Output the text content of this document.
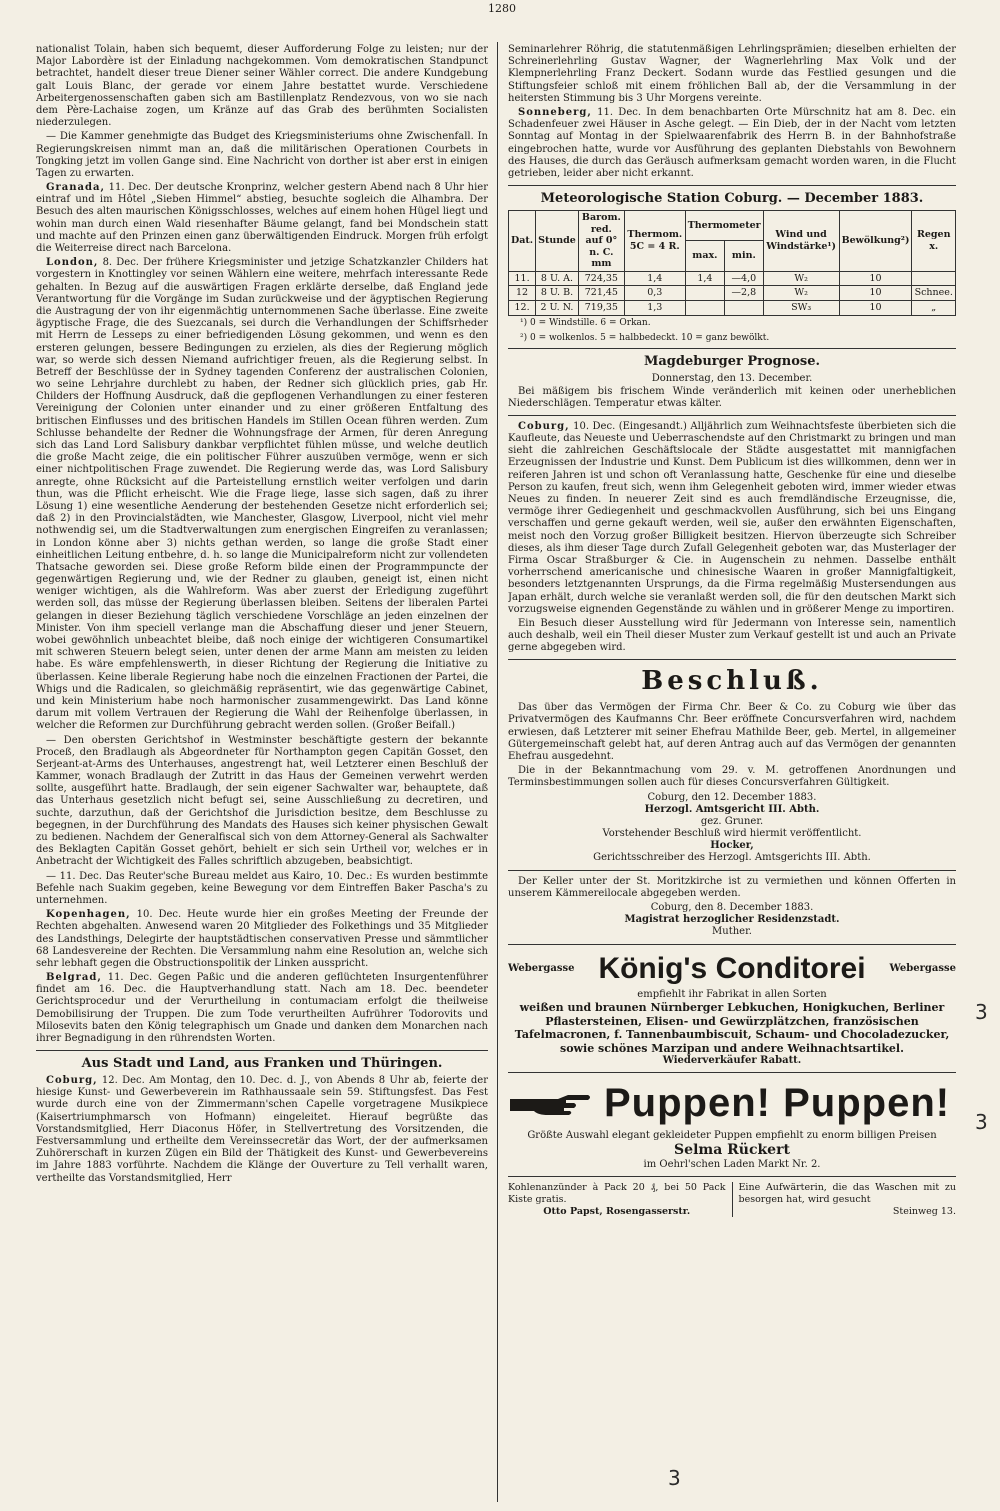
1280

nationalist Tolain, haben sich bequemt, dieser Aufforderung Folge zu leisten; nur der Major Labordère ist der Einladung nachgekommen. Vom demokratischen Standpunct betrachtet, handelt dieser treue Diener seiner Wähler correct. Die andere Kundgebung galt Louis Blanc, der gerade vor einem Jahre bestattet wurde. Verschiedene Arbeitergenossenschaften gaben sich am Bastillenplatz Rendezvous, von wo sie nach dem Père-Lachaise zogen, um Kränze auf das Grab des berühmten Socialisten niederzulegen.

— Die Kammer genehmigte das Budget des Kriegsministeriums ohne Zwischenfall. In Regierungskreisen nimmt man an, daß die militärischen Operationen Courbets in Tongking jetzt im vollen Gange sind. Eine Nachricht von dorther ist aber erst in einigen Tagen zu erwarten.

Granada, 11. Dec. Der deutsche Kronprinz, welcher gestern Abend nach 8 Uhr hier eintraf und im Hôtel „Sieben Himmel“ abstieg, besuchte sogleich die Alhambra. Der Besuch des alten maurischen Königsschlosses, welches auf einem hohen Hügel liegt und wohin man durch einen Wald riesenhafter Bäume gelangt, fand bei Mondschein statt und machte auf den Prinzen einen ganz überwältigenden Eindruck. Morgen früh erfolgt die Weiterreise direct nach Barcelona.

London, 8. Dec. Der frühere Kriegsminister und jetzige Schatzkanzler Childers hat vorgestern in Knottingley vor seinen Wählern eine weitere, mehrfach interessante Rede gehalten. In Bezug auf die auswärtigen Fragen erklärte derselbe, daß England jede Verantwortung für die Vorgänge im Sudan zurückweise und der ägyptischen Regierung die Austragung der von ihr eigenmächtig unternommenen Sache überlasse. Eine zweite ägyptische Frage, die des Suezcanals, sei durch die Verhandlungen der Schiffsrheder mit Herrn de Lesseps zu einer befriedigenden Lösung gekommen, und wenn es den ersteren gelungen, bessere Bedingungen zu erzielen, als dies der Regierung möglich war, so werde sich dessen Niemand aufrichtiger freuen, als die Regierung selbst. In Betreff der Beschlüsse der in Sydney tagenden Conferenz der australischen Colonien, wo seine Lehrjahre durchlebt zu haben, der Redner sich glücklich pries, gab Hr. Childers der Hoffnung Ausdruck, daß die gepflogenen Verhandlungen zu einer festeren Vereinigung der Colonien unter einander und zu einer größeren Entfaltung des britischen Einflusses und des britischen Handels im Stillen Ocean führen werden. Zum Schlusse behandelte der Redner die Wohnungsfrage der Armen, für deren Anregung sich das Land Lord Salisbury dankbar verpflichtet fühlen müsse, und welche deutlich die große Macht zeige, die ein politischer Führer auszuüben vermöge, wenn er sich einer nichtpolitischen Frage zuwendet. Die Regierung werde das, was Lord Salisbury anregte, ohne Rücksicht auf die Parteistellung ernstlich weiter verfolgen und darin thun, was die Pflicht erheischt. Wie die Frage liege, lasse sich sagen, daß zu ihrer Lösung 1) eine wesentliche Aenderung der bestehenden Gesetze nicht erforderlich sei; daß 2) in den Provincialstädten, wie Manchester, Glasgow, Liverpool, nicht viel mehr nothwendig sei, um die Stadtverwaltungen zum energischen Eingreifen zu veranlassen; in London könne aber 3) nichts gethan werden, so lange die große Stadt einer einheitlichen Leitung entbehre, d. h. so lange die Municipalreform nicht zur vollendeten Thatsache geworden sei. Diese große Reform bilde einen der Programmpuncte der gegenwärtigen Regierung und, wie der Redner zu glauben, geneigt ist, einen nicht weniger wichtigen, als die Wahlreform. Was aber zuerst der Erledigung zugeführt werden soll, das müsse der Regierung überlassen bleiben. Seitens der liberalen Partei gelangen in dieser Beziehung täglich verschiedene Vorschläge an jeden einzelnen der Minister. Von ihm speciell verlange man die Abschaffung dieser und jener Steuern, wobei gewöhnlich unbeachtet bleibe, daß noch einige der wichtigeren Consumartikel mit schweren Steuern belegt seien, unter denen der arme Mann am meisten zu leiden habe. Es wäre empfehlenswerth, in dieser Richtung der Regierung die Initiative zu überlassen. Keine liberale Regierung habe noch die einzelnen Fractionen der Partei, die Whigs und die Radicalen, so gleichmäßig repräsentirt, wie das gegenwärtige Cabinet, und kein Ministerium habe noch harmonischer zusammengewirkt. Das Land könne darum mit vollem Vertrauen der Regierung die Wahl der Reihenfolge überlassen, in welcher die Reformen zur Durchführung gebracht werden sollen. (Großer Beifall.)

— Den obersten Gerichtshof in Westminster beschäftigte gestern der bekannte Proceß, den Bradlaugh als Abgeordneter für Northampton gegen Capitän Gosset, den Serjeant-at-Arms des Unterhauses, angestrengt hat, weil Letzterer einen Beschluß der Kammer, wonach Bradlaugh der Zutritt in das Haus der Gemeinen verwehrt werden sollte, ausgeführt hatte. Bradlaugh, der sein eigener Sachwalter war, behauptete, daß das Unterhaus gesetzlich nicht befugt sei, seine Ausschließung zu decretiren, und suchte, darzuthun, daß der Gerichtshof die Jurisdiction besitze, dem Beschlusse zu begegnen, in der Durchführung des Mandats des Hauses sich keiner physischen Gewalt zu bedienen. Nachdem der Generalfiscal sich von dem Attorney-General als Sachwalter des Beklagten Capitän Gosset gehört, behielt er sich sein Urtheil vor, welches er in Anbetracht der Wichtigkeit des Falles schriftlich abzugeben, beabsichtigt.

— 11. Dec. Das Reuter'sche Bureau meldet aus Kairo, 10. Dec.: Es wurden bestimmte Befehle nach Suakim gegeben, keine Bewegung vor dem Eintreffen Baker Pascha's zu unternehmen.

Kopenhagen, 10. Dec. Heute wurde hier ein großes Meeting der Freunde der Rechten abgehalten. Anwesend waren 20 Mitglieder des Folkethings und 35 Mitglieder des Landsthings, Delegirte der hauptstädtischen conservativen Presse und sämmtlicher 68 Landesvereine der Rechten. Die Versammlung nahm eine Resolution an, welche sich sehr lebhaft gegen die Obstructionspolitik der Linken ausspricht.

Belgrad, 11. Dec. Gegen Paßic und die anderen geflüchteten Insurgentenführer findet am 16. Dec. die Hauptverhandlung statt. Nach am 18. Dec. beendeter Gerichtsprocedur und der Verurtheilung in contumaciam erfolgt die theilweise Demobilisirung der Truppen. Die zum Tode verurtheilten Aufrührer Todorovits und Milosevits baten den König telegraphisch um Gnade und danken dem Monarchen nach ihrer Begnadigung in den rührendsten Worten.

Aus Stadt und Land, aus Franken und Thüringen.

Coburg, 12. Dec. Am Montag, den 10. Dec. d. J., von Abends 8 Uhr ab, feierte der hiesige Kunst- und Gewerbeverein im Rathhaussaale sein 59. Stiftungsfest. Das Fest wurde durch eine von der Zimmermann'schen Capelle vorgetragene Musikpiece (Kaisertriumphmarsch von Hofmann) eingeleitet. Hierauf begrüßte das Vorstandsmitglied, Herr Diaconus Höfer, in Stellvertretung des Vorsitzenden, die Festversammlung und ertheilte dem Vereinssecretär das Wort, der der aufmerksamen Zuhörerschaft in kurzen Zügen ein Bild der Thätigkeit des Kunst- und Gewerbevereins im Jahre 1883 vorführte. Nachdem die Klänge der Ouverture zu Tell verhallt waren, vertheilte das Vorstandsmitglied, Herr

Seminarlehrer Röhrig, die statutenmäßigen Lehrlingsprämien; dieselben erhielten der Schreinerlehrling Gustav Wagner, der Wagnerlehrling Max Volk und der Klempnerlehrling Franz Deckert. Sodann wurde das Festlied gesungen und die Stiftungsfeier schloß mit einem fröhlichen Ball ab, der die Versammlung in der heitersten Stimmung bis 3 Uhr Morgens vereinte.

Sonneberg, 11. Dec. In dem benachbarten Orte Mürschnitz hat am 8. Dec. ein Schadenfeuer zwei Häuser in Asche gelegt. — Ein Dieb, der in der Nacht vom letzten Sonntag auf Montag in der Spielwaarenfabrik des Herrn B. in der Bahnhofstraße eingebrochen hatte, wurde vor Ausführung des geplanten Diebstahls von Bewohnern des Hauses, die durch das Geräusch aufmerksam gemacht worden waren, in die Flucht getrieben, leider aber nicht erkannt.

Meteorologische Station Coburg. — December 1883.
Dat.	Stunde	Barom. red. auf 0° n. C. mm	Thermom. 5C = 4 R.	Thermometer		Wind und Windstärke¹)	Bewölkung²)	Regen x.
				max.	min.			
11.	8 U. A.	724,35	1,4	1,4	—4,0	W₂	10	
12	8 U. B.	721,45	0,3		—2,8	W₂	10	Schnee.
12.	2 U. N.	719,35	1,3			SW₃	10	„
¹) 0 = Windstille. 6 = Orkan.
²) 0 = wolkenlos. 5 = halbbedeckt. 10 = ganz bewölkt.
Magdeburger Prognose.
Donnerstag, den 13. December.

Bei mäßigem bis frischem Winde veränderlich mit keinen oder unerheblichen Niederschlägen. Temperatur etwas kälter.

Coburg, 10. Dec. (Eingesandt.) Alljährlich zum Weihnachtsfeste überbieten sich die Kaufleute, das Neueste und Ueberraschendste auf den Christmarkt zu bringen und man sieht die zahlreichen Geschäftslocale der Städte ausgestattet mit mannigfachen Erzeugnissen der Industrie und Kunst. Dem Publicum ist dies willkommen, denn wer in reiferen Jahren ist und schon oft Veranlassung hatte, Geschenke für eine und dieselbe Person zu kaufen, freut sich, wenn ihm Gelegenheit geboten wird, immer wieder etwas Neues zu finden. In neuerer Zeit sind es auch fremdländische Erzeugnisse, die, vermöge ihrer Gediegenheit und geschmackvollen Ausführung, sich bei uns Eingang verschaffen und gerne gekauft werden, weil sie, außer den erwähnten Eigenschaften, meist noch den Vorzug großer Billigkeit besitzen. Hiervon überzeugte sich Schreiber dieses, als ihm dieser Tage durch Zufall Gelegenheit geboten war, das Musterlager der Firma Oscar Straßburger & Cie. in Augenschein zu nehmen. Dasselbe enthält vorherrschend americanische und chinesische Waaren in großer Mannigfaltigkeit, besonders letztgenannten Ursprungs, da die Firma regelmäßig Mustersendungen aus Japan erhält, durch welche sie veranlaßt werden soll, die für den deutschen Markt sich vorzugsweise eignenden Gegenstände zu wählen und in größerer Menge zu importiren.

Ein Besuch dieser Ausstellung wird für Jedermann von Interesse sein, namentlich auch deshalb, weil ein Theil dieser Muster zum Verkauf gestellt ist und auch an Private gerne abgegeben wird.

Beschluß.

Das über das Vermögen der Firma Chr. Beer & Co. zu Coburg wie über das Privatvermögen des Kaufmanns Chr. Beer eröffnete Concursverfahren wird, nachdem erwiesen, daß Letzterer mit seiner Ehefrau Mathilde Beer, geb. Mertel, in allgemeiner Gütergemeinschaft gelebt hat, auf deren Antrag auch auf das Vermögen der genannten Ehefrau ausgedehnt.

Die in der Bekanntmachung vom 29. v. M. getroffenen Anordnungen und Terminsbestimmungen sollen auch für dieses Concursverfahren Gültigkeit.

Coburg, den 12. December 1883.
Herzogl. Amtsgericht III. Abth.
gez. Gruner.
Vorstehender Beschluß wird hiermit veröffentlicht.
Hocker,
Gerichtsschreiber des Herzogl. Amtsgerichts III. Abth.

Der Keller unter der St. Moritzkirche ist zu vermiethen und können Offerten in unserem Kämmereilocale abgegeben werden.

Coburg, den 8. December 1883.
Magistrat herzoglicher Residenzstadt.
Muther.
Webergasse König's Conditorei Webergasse
empfiehlt ihr Fabrikat in allen Sorten
weißen und braunen Nürnberger Lebkuchen, Honigkuchen, Berliner Pflastersteinen, Elisen- und Gewürzplätzchen, französischen Tafelmacronen, f. Tannenbaumbiscuit, Schaum- und Chocoladezucker, sowie schönes Marzipan und andere Weihnachtsartikel.
Wiederverkäufer Rabatt.
Puppen! Puppen!
Größte Auswahl elegant gekleideter Puppen empfiehlt zu enorm billigen Preisen
Selma Rückert
im Oehrl'schen Laden Markt Nr. 2.
Kohlenanzünder à Pack 20 ₰, bei 50 Pack Kiste gratis.
Otto Papst, Rosengasserstr.
Eine Aufwärterin, die das Waschen mit zu besorgen hat, wird gesucht
Steinweg 13.
3
3
3
